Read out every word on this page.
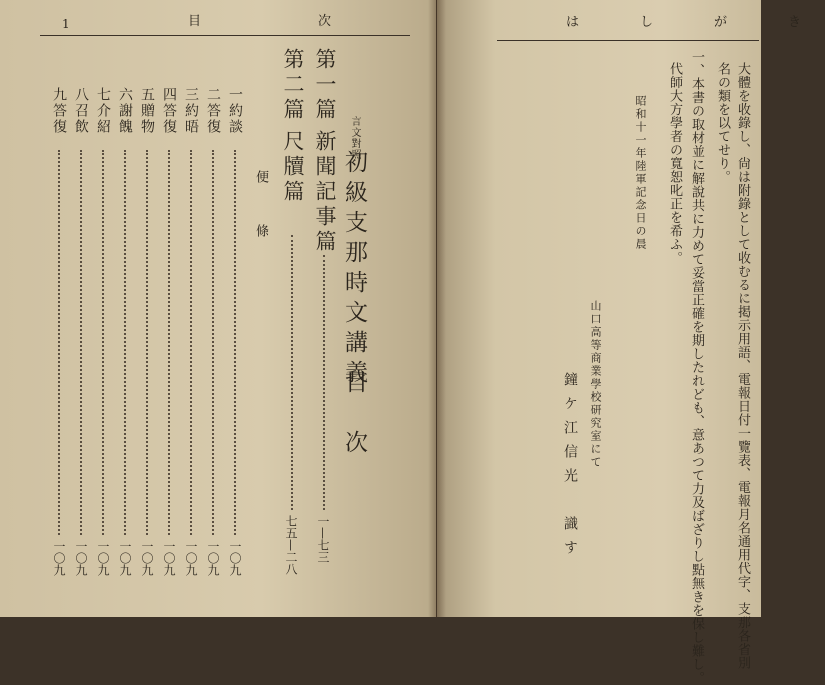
1	目	次
言文對照
初級支那時文講義
目　次
第一篇
新聞記事篇
一—七三
第二篇
尺牘篇
七五—二八
便　條
一約談
一〇九
二答復
一〇九
三約晤
一〇九
四答復
一〇九
五贈物
一〇九
六謝餽
一〇九
七介紹
一〇九
八召飲
一〇九
九答復
一〇九
は　し　が　き
大體を收錄し、尙は附錄として收むるに掲示用語、電報日付一覽表、電報月名通用代字、支那各省別
名の類を以てせり。
一、本書の取材並に解說共に力めて妥當正確を期したれども、意あつて力及ばざりし點無きを保し難し。
代師大方學者の寬恕叱正を希ふ。
昭和十一年陸軍記念日の晨
山口高等商業學校研究室にて
鐘ケ江信光　識す
